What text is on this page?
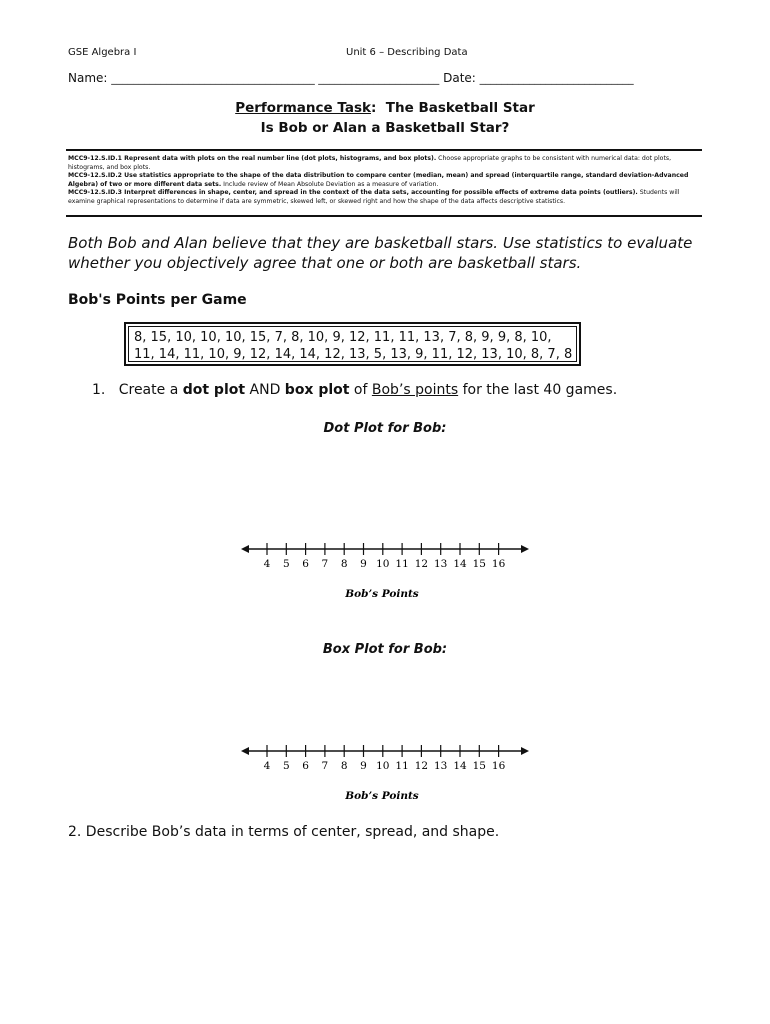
GSE Algebra I	Unit 6 – Describing Data
Name: _____________________________________ ______________________ Date: ____________________________
Performance Task:  The Basketball Star
Is Bob or Alan a Basketball Star?
MCC9-12.S.ID.1 Represent data with plots on the real number line (dot plots, histograms, and box plots). Choose appropriate graphs to be consistent with numerical data: dot plots, histograms, and box plots.
MCC9-12.S.ID.2 Use statistics appropriate to the shape of the data distribution to compare center (median, mean) and spread (interquartile range, standard deviation-Advanced Algebra) of two or more different data sets. Include review of Mean Absolute Deviation as a measure of variation.
MCC9-12.S.ID.3 Interpret differences in shape, center, and spread in the context of the data sets, accounting for possible effects of extreme data points (outliers). Students will examine graphical representations to determine if data are symmetric, skewed left, or skewed right and how the shape of the data affects descriptive statistics.
Both Bob and Alan believe that they are basketball stars. Use statistics to evaluate whether you objectively agree that one or both are basketball stars.
Bob's Points per Game
8, 15, 10, 10, 10, 15, 7, 8, 10, 9, 12, 11, 11, 13, 7, 8, 9, 9, 8, 10,
11, 14, 11, 10, 9, 12, 14, 14, 12, 13, 5, 13, 9, 11, 12, 13, 10, 8, 7, 8
1. Create a dot plot AND box plot of Bob’s points for the last 40 games.
Dot Plot for Bob:
4 5 6 7 8 9 10 11 12 13 14 15 16
Bob’s Points
Box Plot for Bob:
4 5 6 7 8 9 10 11 12 13 14 15 16
Bob’s Points
2. Describe Bob’s data in terms of center, spread, and shape.
